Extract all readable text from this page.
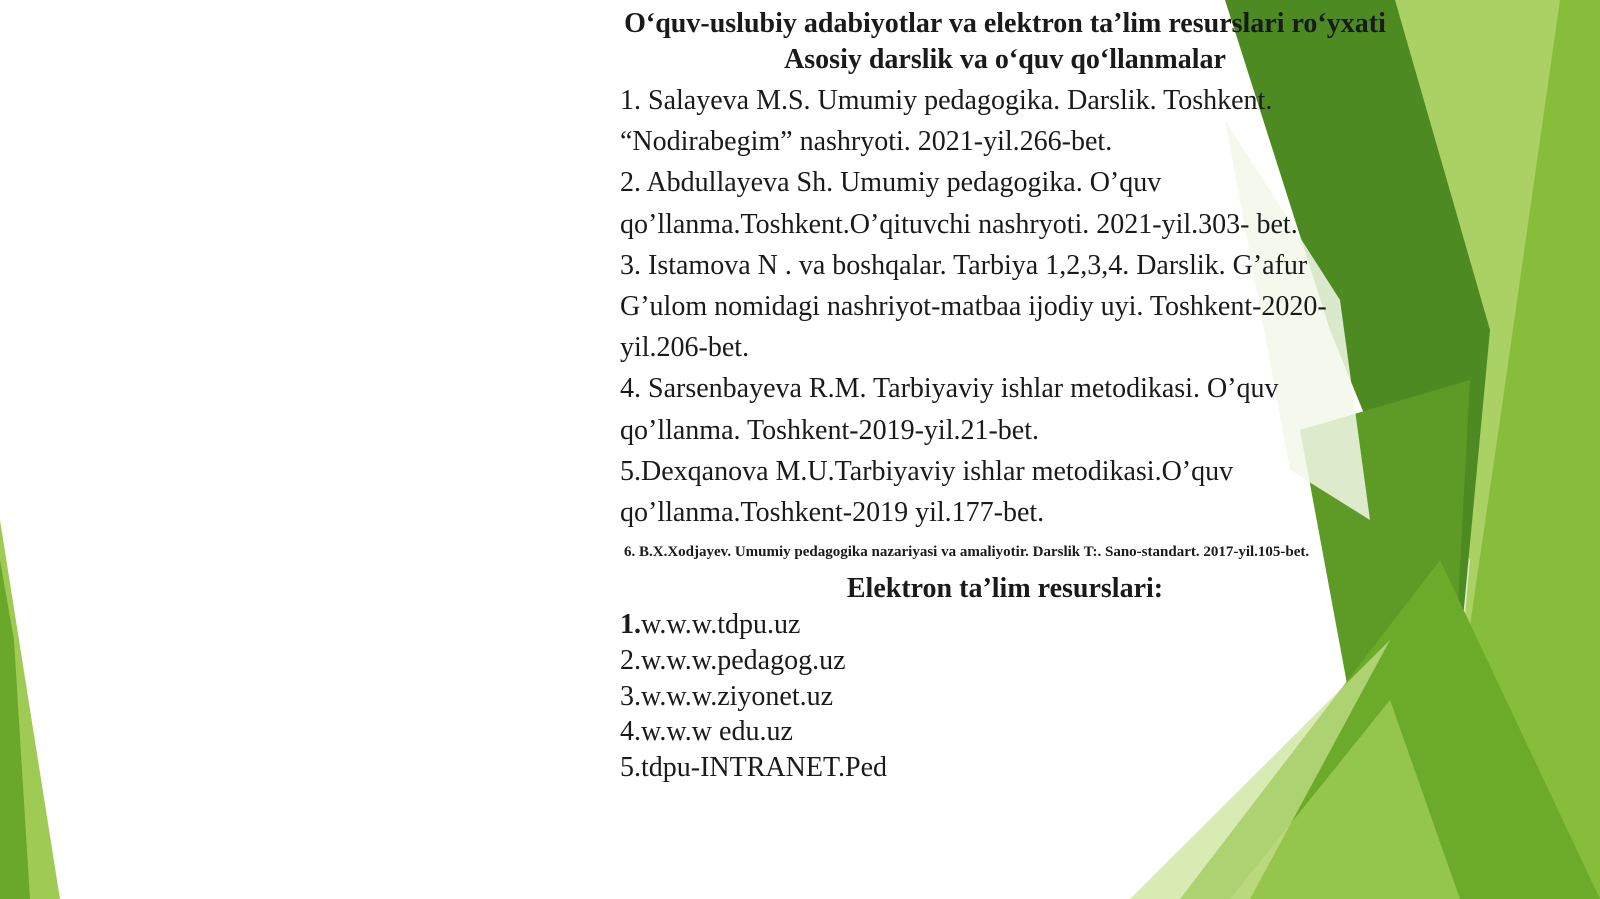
O‘quv-uslubiy adabiyotlar va elektron ta’lim resurslari ro‘yxati

Asosiy darslik va o‘quv qo‘llanmalar

1. Salayeva M.S. Umumiy pedagogika. Darslik. Toshkent. “Nodirabegim” nashryoti. 2021-yil.266-bet.

2. Abdullayeva Sh. Umumiy pedagogika. O’quv qo’llanma.Toshkent.O’qituvchi nashryoti. 2021-yil.303- bet.

3. Istamova N . va boshqalar. Tarbiya 1,2,3,4. Darslik. G’afur G’ulom nomidagi nashriyot-matbaa ijodiy uyi. Toshkent-2020-yil.206-bet.

4. Sarsenbayeva R.M. Tarbiyaviy ishlar metodikasi. O’quv qo’llanma. Toshkent-2019-yil.21-bet.

5.Dexqanova M.U.Tarbiyaviy ishlar metodikasi.O’quv qo’llanma.Toshkent-2019 yil.177-bet.

6. B.X.Xodjayev. Umumiy pedagogika nazariyasi va amaliyotir. Darslik T:. Sano-standart. 2017-yil.105-bet.

Elektron ta’lim resurslari:

1.w.w.w.tdpu.uz

2.w.w.w.pedagog.uz

3.w.w.w.ziyonet.uz

4.w.w.w edu.uz

5.tdpu-INTRANET.Ped
